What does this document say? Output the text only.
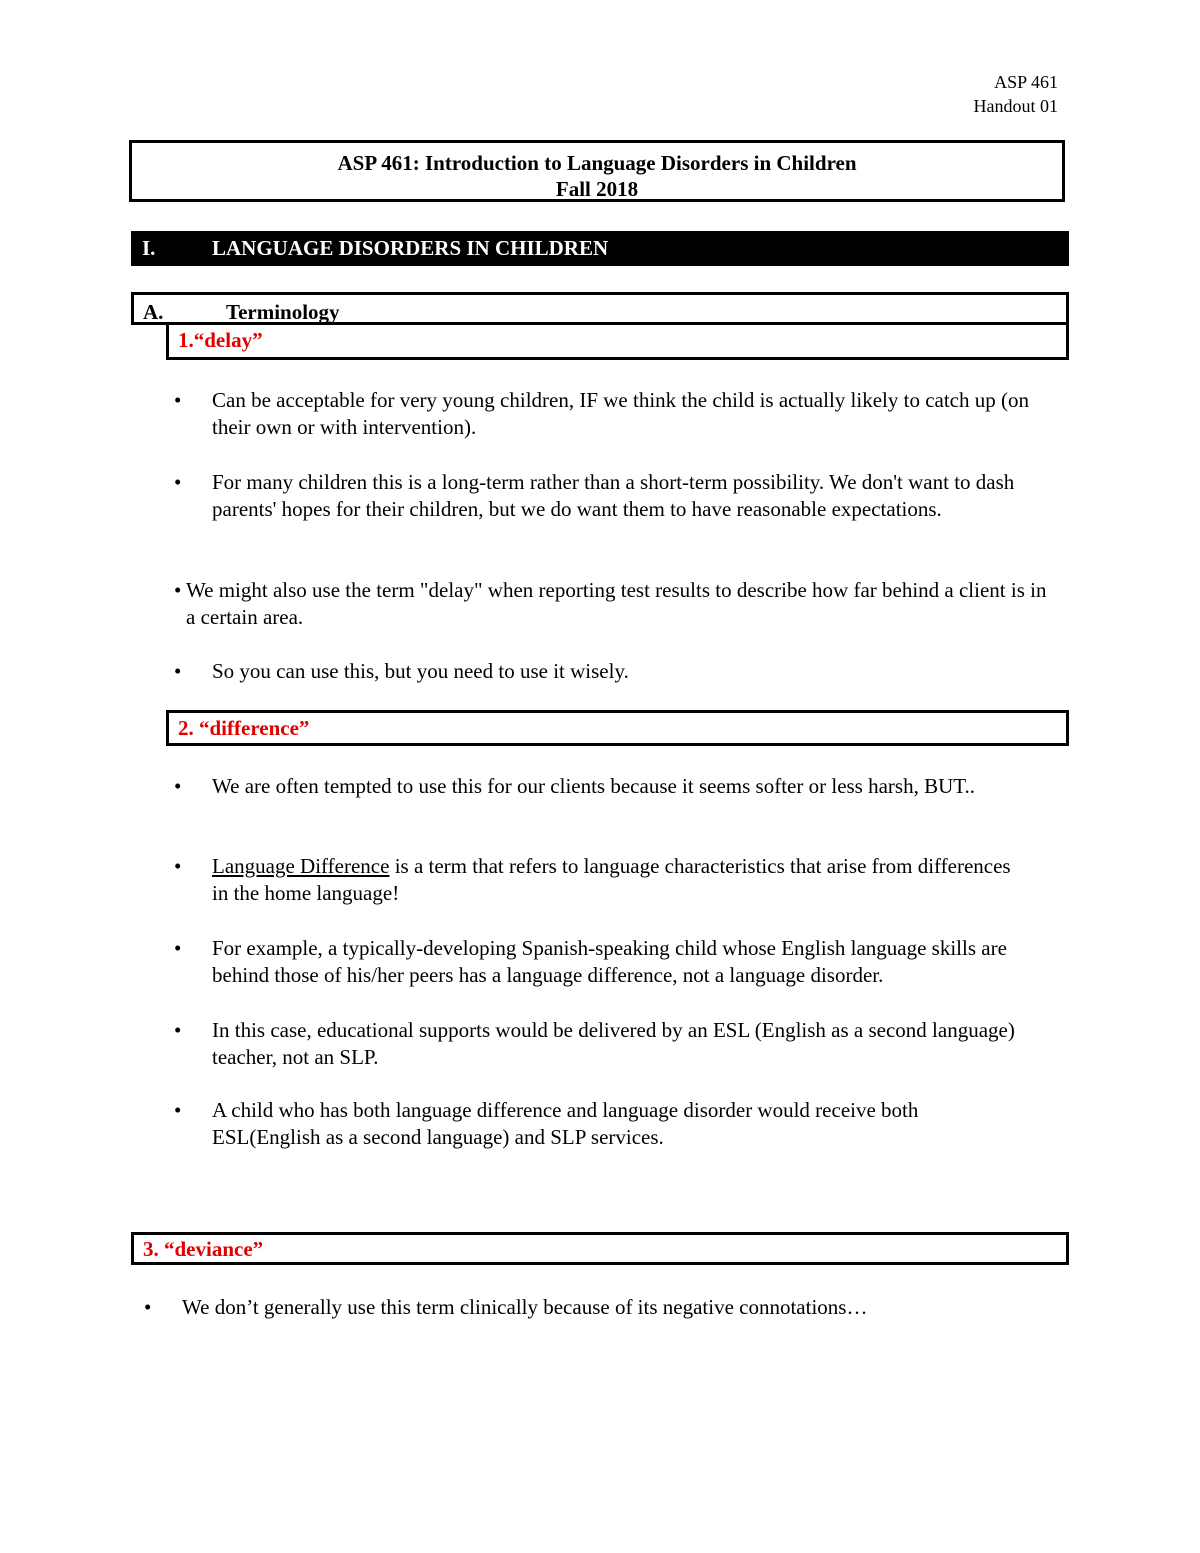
ASP 461
Handout 01
ASP 461: Introduction to Language Disorders in Children
Fall 2018
I.	LANGUAGE DISORDERS IN CHILDREN
A.	Terminology
1.“delay”
• Can be acceptable for very young children, IF we think the child is actually likely to catch up (on their own or with intervention).
• For many children this is a long-term rather than a short-term possibility. We don't want to dash parents' hopes for their children, but we do want them to have reasonable expectations.
• We might also use the term "delay" when reporting test results to describe how far behind a client is in a certain area.
• So you can use this, but you need to use it wisely.
2. “difference”
• We are often tempted to use this for our clients because it seems softer or less harsh, BUT..
• Language Difference is a term that refers to language characteristics that arise from differences in the home language!
• For example, a typically-developing Spanish-speaking child whose English language skills are behind those of his/her peers has a language difference, not a language disorder.
• In this case, educational supports would be delivered by an ESL (English as a second language) teacher, not an SLP.
• A child who has both language difference and language disorder would receive both ESL(English as a second language) and SLP services.
3. “deviance”
• We don’t generally use this term clinically because of its negative connotations…
